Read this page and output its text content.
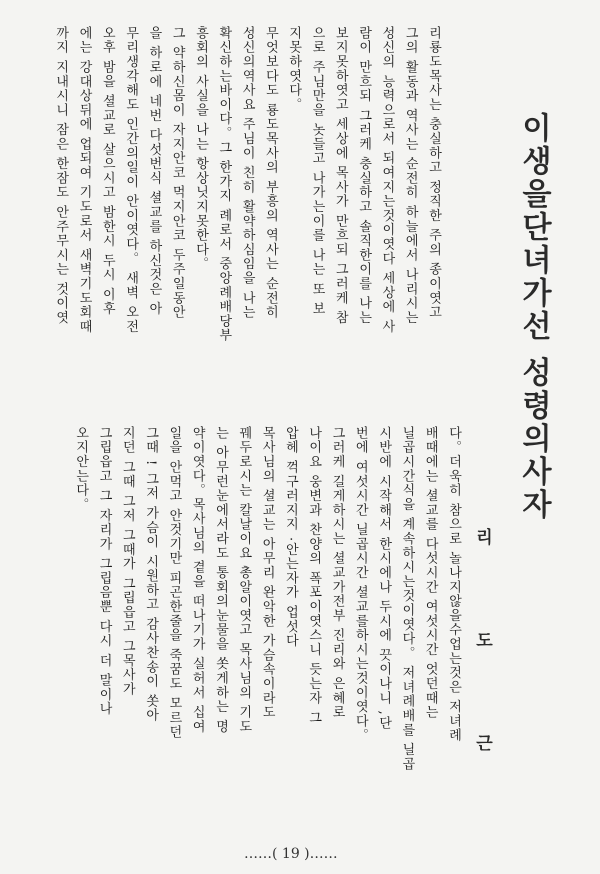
이생을단녀가선 성령의사자
리 도 근
다。더욱히 참으로 놀나지않을수업는것은 저녀례
배때에는 셜교를 다섯시간 여섯시간 엇던때는
닐곱시간식을 계속하시는것이엿다。 저녀례배를 닐곱
시반에 시작해서 한시에나 두시에 끗이나니 ,단
번에 여섯시간 닐곱시간 셜교를하시는것이엿다。
그러케 길게하시는 셜교가전부 진리와 은혜로
나이요 웅변과 찬양의 폭포이엿스니 듯는자 그
압헤 꺽구러지지 ·안는자가 업섯다
목사님의 셜교는 아무리 완악한 가슴속이라도
꿰두로시는 칼날이요 총알이엿고 목사님의 기도
는 아무런눈에서라도 통회의눈물을 쏫게하는 명
약이엿다。목사님의 곁을 떠나기가 실허서 십여
일을 안먹고 안것기만 피곤한줄을 죽꿈도 모르던
그때 ! 그저 가슴이 시원하고 감사찬송이 쏫아
지던 그때 그저 그때가 그립읍고 그목사가
그립읍고 그 자리가 그립음뿐 다시 더 말이나
오지안는다。
리룡도목사는 충실하고 정직한 주의 종이엿고
그의 활동과 역사는 순전히 하늘에서 나리시는
성신의 능력으로서 되여지는것이엿다 세상에 사
람이 만흐되 그러케 충실하고 솔직한이를 나는
보지못하엿고 세상에 목사가 만흐되 그러케 참
으로 주님만을 놋들고 나가는이를 나는 또 보
지못하엿다。
무엇보다도 룡도목사의 부흥의 역사는 순전히
성신의역사요 주님이 친히 활약하심임을 나는
확신하는바이다。그 한가지 례로서 중앙례배당부
흥회의 사실을 나는 항상닛지못한다。
그 약하신몸이 자지안코 먹지안코 두주일동안
을 하로에 네번 다섯번식 셜교를 하신것은 아
무리생각해도 인간의일이 안이엿다。 새벽 오전
오후 밤을 셜교로 살으시고 밤한시 두시 이후
에는 강대상뒤에 업되여 기도로서 새벽기도회때
까지 지내시니 잠은 한잠도 안주무시는 것이엿
……( 19 )……
